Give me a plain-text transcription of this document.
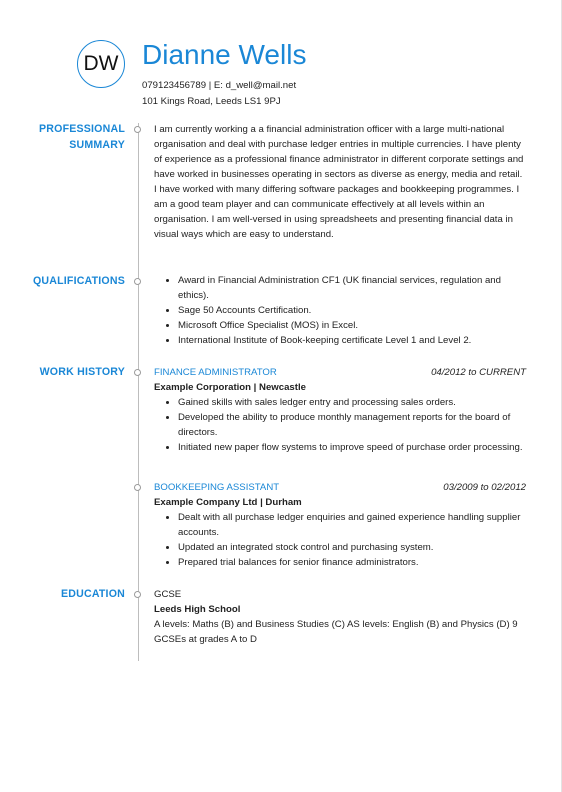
DW Dianne Wells
079123456789 | E: d_well@mail.net
101 Kings Road, Leeds LS1 9PJ
PROFESSIONAL
SUMMARY

I am currently working a a financial administration officer with a large multi-national organisation and deal with purchase ledger entries in multiple currencies. I have plenty of experience as a professional finance administrator in different corporate settings and have worked in businesses operating in sectors as diverse as energy, media and retail. I have worked with many differing software packages and bookkeeping programmes. I am a good team player and can communicate effectively at all levels within an organisation. I am well-versed in using spreadsheets and presenting financial data in visual ways which are easy to understand.

QUALIFICATIONS
•	Award in Financial Administration CF1 (UK financial services, regulation and ethics).
• Sage 50 Accounts Certification.
• Microsoft Office Specialist (MOS) in Excel.
• International Institute of Book-keeping certificate Level 1 and Level 2.
WORK HISTORY	FINANCE ADMINISTRATOR	04/2012 to CURRENT
Example Corporation | Newcastle
• Gained skills with sales ledger entry and processing sales orders.
• Developed the ability to produce monthly management reports for the board of directors.
• Initiated new paper flow systems to improve speed of purchase order processing.
BOOKKEEPING ASSISTANT	03/2009 to 02/2012
Example Company Ltd | Durham
• Dealt with all purchase ledger enquiries and gained experience handling supplier accounts.
• Updated an integrated stock control and purchasing system.
• Prepared trial balances for senior finance administrators.
EDUCATION	GCSE
Leeds High School

A levels: Maths (B) and Business Studies (C) AS levels: English (B) and Physics (D) 9 GCSEs at grades A to D
